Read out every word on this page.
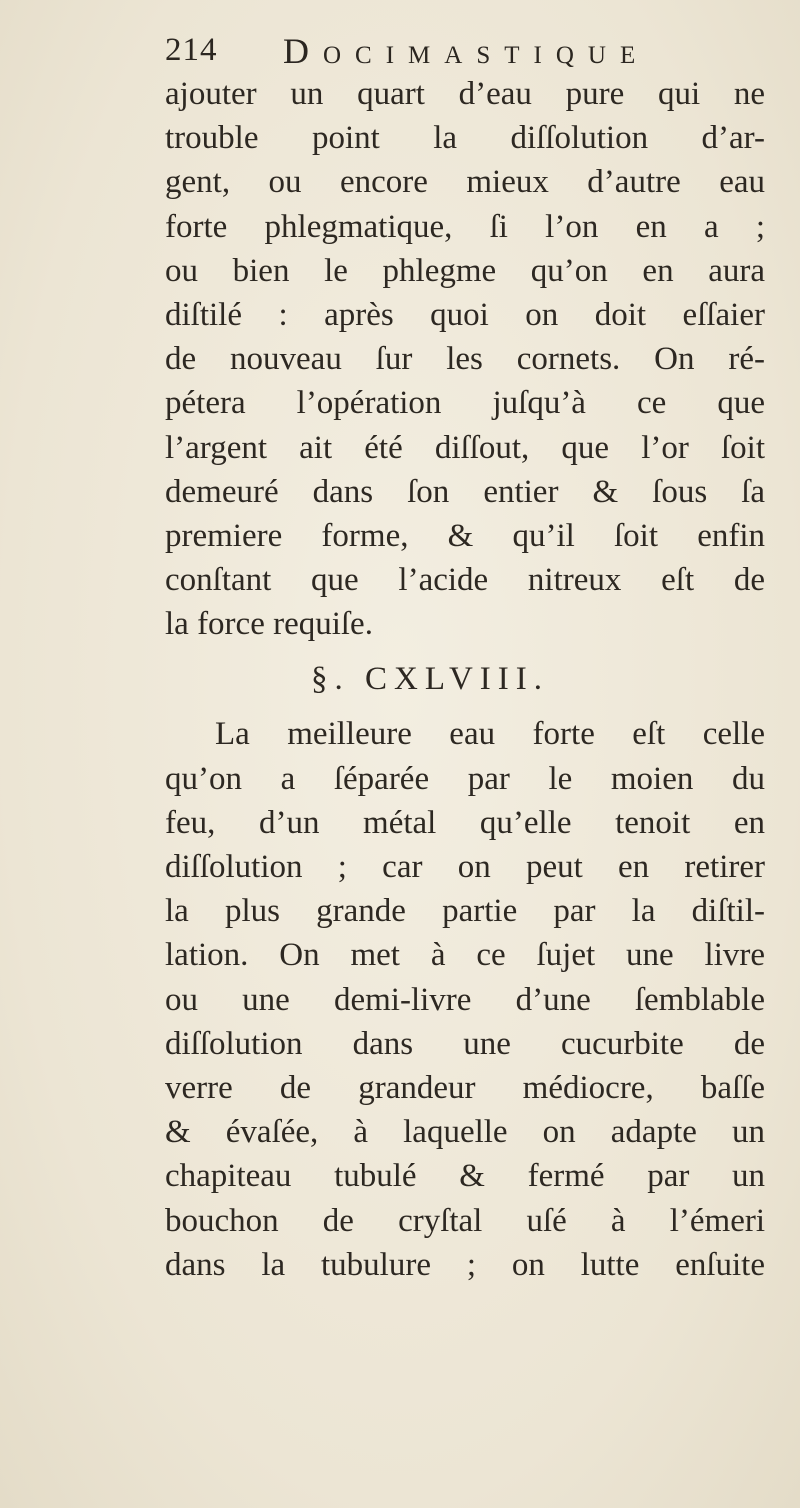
214 Docimastique
ajouter un quart d’eau pure qui ne
trouble point la diſſolution d’ar-
gent, ou encore mieux d’autre eau
forte phlegmatique, ſi l’on en a ;
ou bien le phlegme qu’on en aura
diſtilé : après quoi on doit eſſaier
de nouveau ſur les cornets. On ré-
pétera l’opération juſqu’à ce que
l’argent ait été diſſout, que l’or ſoit
demeuré dans ſon entier & ſous ſa
premiere forme, & qu’il ſoit enfin
conſtant que l’acide nitreux eſt de
la force requiſe.
§. CXLVIII.
La meilleure eau forte eſt celle
qu’on a ſéparée par le moien du
feu, d’un métal qu’elle tenoit en
diſſolution ; car on peut en retirer
la plus grande partie par la diſtil-
lation. On met à ce ſujet une livre
ou une demi-livre d’une ſemblable
diſſolution dans une cucurbite de
verre de grandeur médiocre, baſſe
& évaſée, à laquelle on adapte un
chapiteau tubulé & fermé par un
bouchon de cryſtal uſé à l’émeri
dans la tubulure ; on lutte enſuite
